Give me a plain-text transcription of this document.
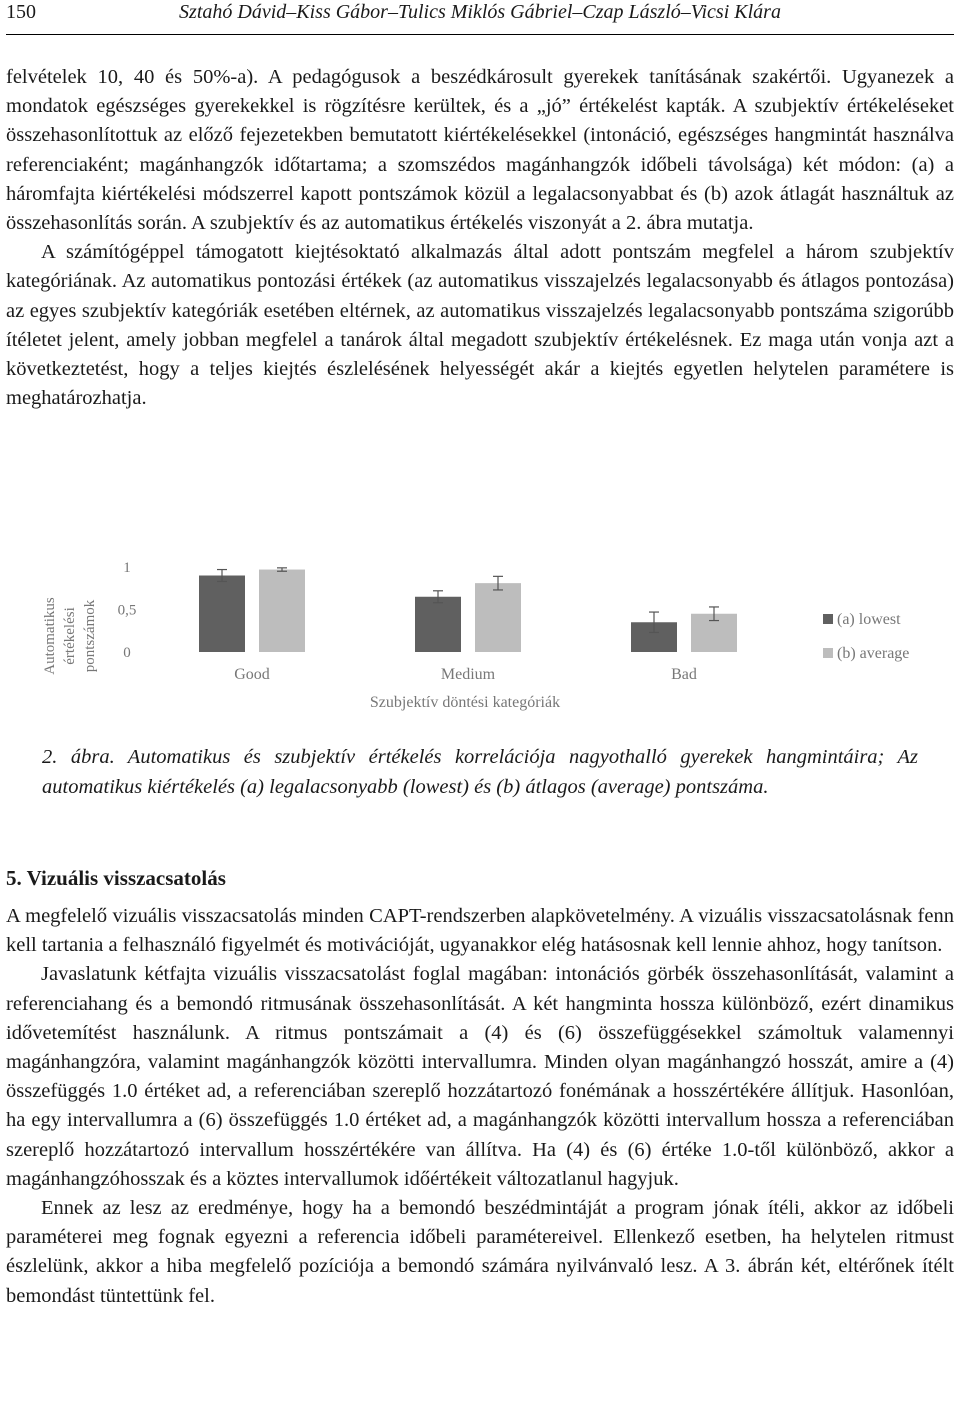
150	Sztahó Dávid–Kiss Gábor–Tulics Miklós Gábriel–Czap László–Vicsi Klára

felvételek 10, 40 és 50%-a). A pedagógusok a beszédkárosult gyerekek tanításának szakértői. Ugyanezek a mondatok egészséges gyerekekkel is rögzítésre kerültek, és a „jó” értékelést kapták. A szubjektív értékeléseket összehasonlítottuk az előző fejezetekben bemutatott kiértékelésekkel (intonáció, egészséges hangmintát használva referenciaként; magánhangzók időtartama; a szomszédos magánhangzók időbeli távolsága) két módon: (a) a háromfajta kiértékelési módszerrel kapott pontszámok közül a legalacsonyabbat és (b) azok átlagát használtuk az összehasonlítás során. A szubjektív és az automatikus értékelés viszonyát a 2. ábra mutatja.

A számítógéppel támogatott kiejtésoktató alkalmazás által adott pontszám megfelel a három szubjektív kategóriának. Az automatikus pontozási értékek (az automatikus visszajelzés legalacsonyabb és átlagos pontozása) az egyes szubjektív kategóriák esetében eltérnek, az automatikus visszajelzés legalacsonyabb pontszáma szigorúbb ítéletet jelent, amely jobban megfelel a tanárok által megadott szubjektív értékelésnek. Ez maga után vonja azt a következtetést, hogy a teljes kiejtés észlelésének helyességét akár a kiejtés egyetlen helytelen paramétere is meghatározhatja.

Automatikus értékelési pontszámok 0
0,5
1
Good	Medium	Bad
Szubjektív döntési kategóriák
(a) lowest
(b) average
2. ábra. Automatikus és szubjektív értékelés korrelációja nagyothalló gyerekek hangmintáira; Az automatikus kiértékelés (a) legalacsonyabb (lowest) és (b) átlagos (average) pontszáma.
5. Vizuális visszacsatolás

A megfelelő vizuális visszacsatolás minden CAPT-rendszerben alapkövetelmény. A vizuális visszacsatolásnak fenn kell tartania a felhasználó figyelmét és motivációját, ugyanakkor elég hatásosnak kell lennie ahhoz, hogy tanítson.

Javaslatunk kétfajta vizuális visszacsatolást foglal magában: intonációs görbék összehasonlítását, valamint a referenciahang és a bemondó ritmusának összehasonlítását. A két hangminta hossza különböző, ezért dinamikus idővetemítést használunk. A ritmus pontszámait a (4) és (6) összefüggésekkel számoltuk valamennyi magánhangzóra, valamint magánhangzók közötti intervallumra. Minden olyan magánhangzó hosszát, amire a (4) összefüggés 1.0 értéket ad, a referenciában szereplő hozzátartozó fonémának a hosszértékére állítjuk. Hasonlóan, ha egy intervallumra a (6) összefüggés 1.0 értéket ad, a magánhangzók közötti intervallum hossza a referenciában szereplő hozzátartozó intervallum hosszértékére van állítva. Ha (4) és (6) értéke 1.0-től különböző, akkor a magánhangzóhosszak és a köztes intervallumok időértékeit változatlanul hagyjuk.

Ennek az lesz az eredménye, hogy ha a bemondó beszédmintáját a program jónak ítéli, akkor az időbeli paraméterei meg fognak egyezni a referencia időbeli paramétereivel. Ellenkező esetben, ha helytelen ritmust észlelünk, akkor a hiba megfelelő pozíciója a bemondó számára nyilvánvaló lesz. A 3. ábrán két, eltérőnek ítélt bemondást tüntettünk fel.
